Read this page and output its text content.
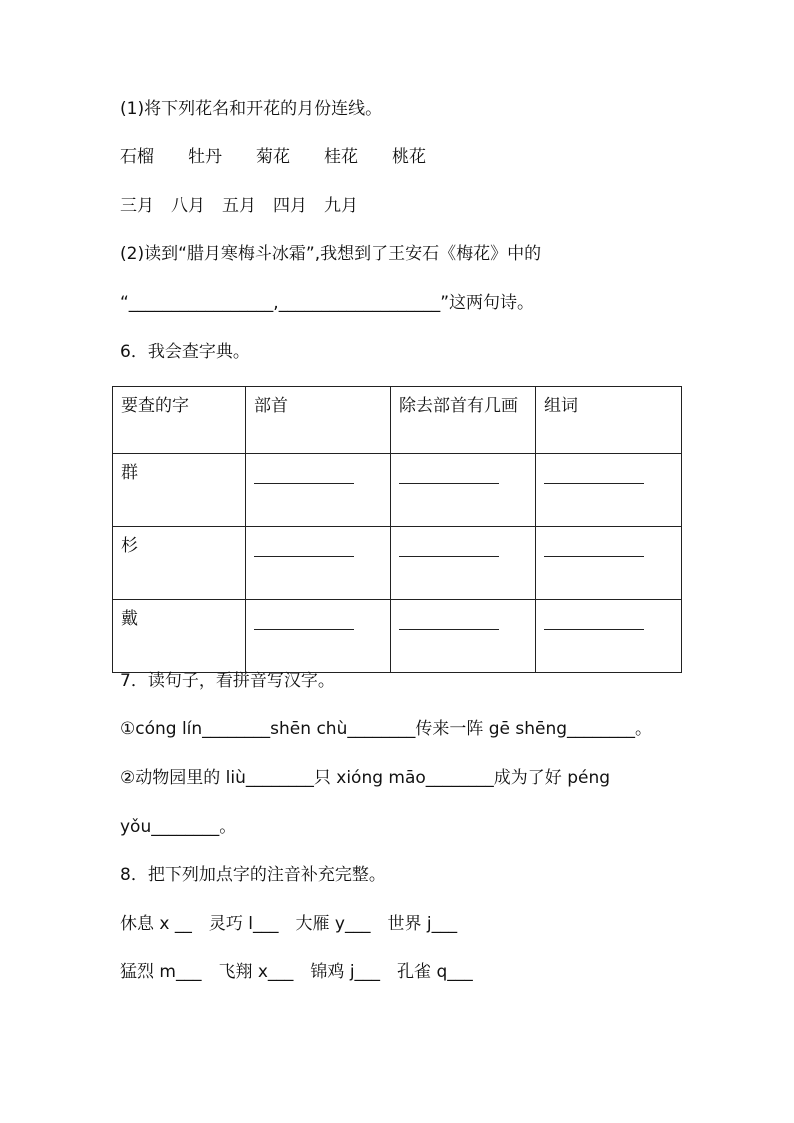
(1)将下列花名和开花的月份连线。
石榴　　牡丹　　菊花　　桂花　　桃花
三月　八月　五月　四月　九月
(2)读到“腊月寒梅斗冰霜”,我想到了王安石《梅花》中的
“_________________,___________________”这两句诗。
6．我会查字典。
要查的字	部首	除去部首有几画	组词
群			
杉			
戴			
7．读句子，看拼音写汉字。
①cóng lín________shēn chù________传来一阵 gē shēng________。
②动物园里的 liù________只 xióng māo________成为了好 péng
yǒu________。
8．把下列加点字的注音补充完整。
休息 x __　灵巧 l___　大雁 y___　世界 j___
猛烈 m___　飞翔 x___　锦鸡 j___　孔雀 q___
